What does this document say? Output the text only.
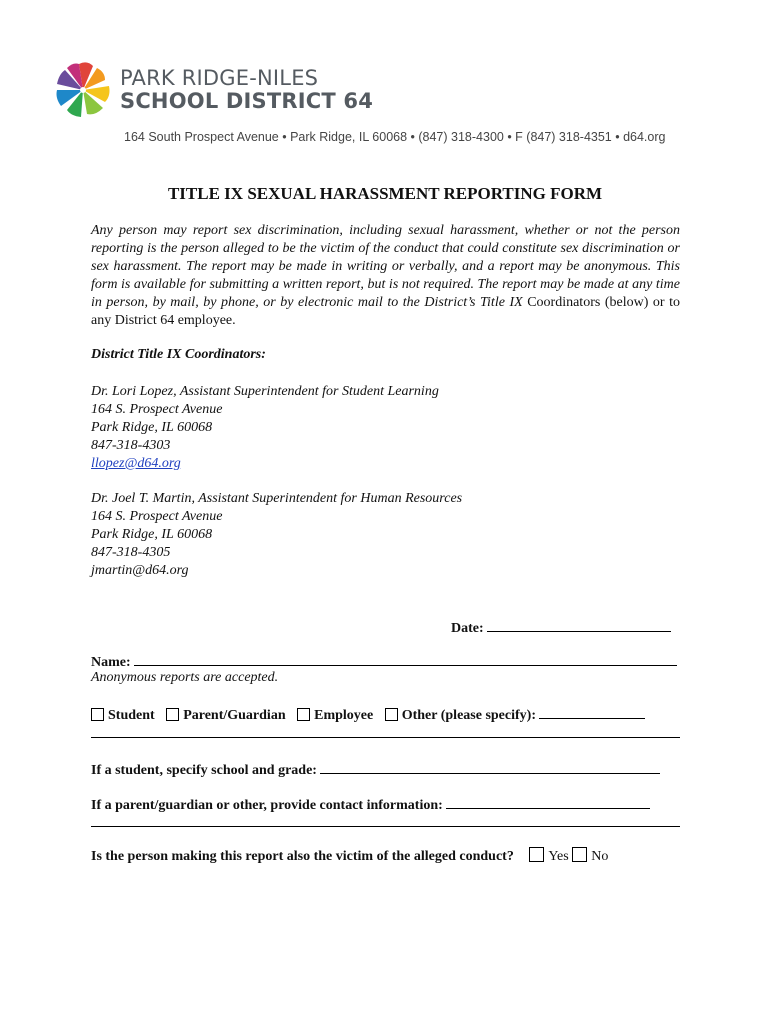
PARK RIDGE-NILES
SCHOOL DISTRICT 64
164 South Prospect Avenue • Park Ridge, IL 60068 • (847) 318-4300 • F (847) 318-4351 • d64.org
TITLE IX SEXUAL HARASSMENT REPORTING FORM
Any person may report sex discrimination, including sexual harassment, whether or not the person reporting is the person alleged to be the victim of the conduct that could constitute sex discrimination or sex harassment. The report may be made in writing or verbally, and a report may be anonymous. This form is available for submitting a written report, but is not required. The report may be made at any time in person, by mail, by phone, or by electronic mail to the District’s Title IX Coordinators (below) or to any District 64 employee.
District Title IX Coordinators:
Dr. Lori Lopez, Assistant Superintendent for Student Learning
164 S. Prospect Avenue
Park Ridge, IL 60068
847-318-4303
llopez@d64.org
Dr. Joel T. Martin, Assistant Superintendent for Human Resources
164 S. Prospect Avenue
Park Ridge, IL 60068
847-318-4305
jmartin@d64.org
Date:
Name:
Anonymous reports are accepted.
Student Parent/Guardian Employee Other (please specify):
If a student, specify school and grade:
If a parent/guardian or other, provide contact information:
Is the person making this report also the victim of the alleged conduct? Yes No
